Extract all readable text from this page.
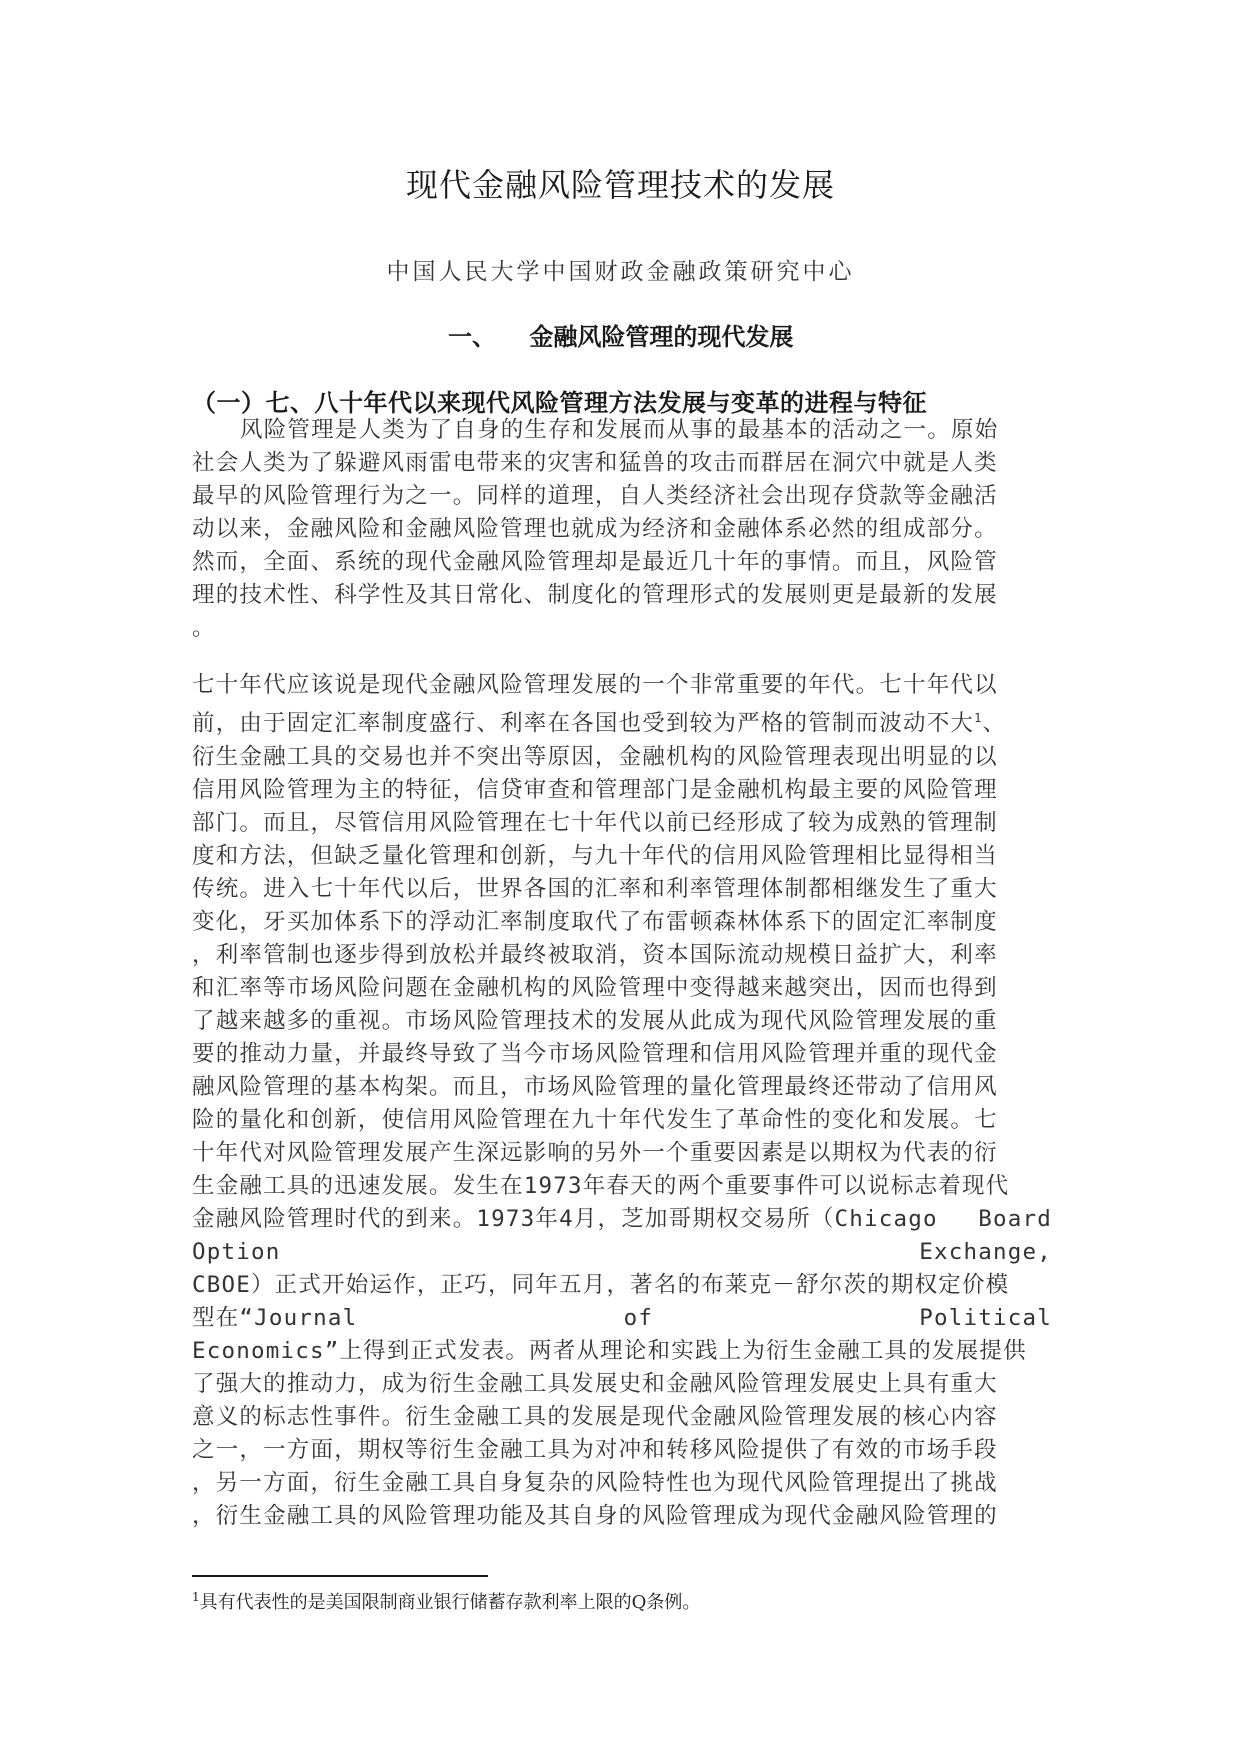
现代金融风险管理技术的发展
中国人民大学中国财政金融政策研究中心
一、    金融风险管理的现代发展
（一）七、八十年代以来现代风险管理方法发展与变革的进程与特征
风险管理是人类为了自身的生存和发展而从事的最基本的活动之一。原始
社会人类为了躲避风雨雷电带来的灾害和猛兽的攻击而群居在洞穴中就是人类
最早的风险管理行为之一。同样的道理，自人类经济社会出现存贷款等金融活
动以来，金融风险和金融风险管理也就成为经济和金融体系必然的组成部分。
然而，全面、系统的现代金融风险管理却是最近几十年的事情。而且，风险管
理的技术性、科学性及其日常化、制度化的管理形式的发展则更是最新的发展
。
七十年代应该说是现代金融风险管理发展的一个非常重要的年代。七十年代以
前，由于固定汇率制度盛行、利率在各国也受到较为严格的管制而波动不大$^1$、
衍生金融工具的交易也并不突出等原因，金融机构的风险管理表现出明显的以
信用风险管理为主的特征，信贷审查和管理部门是金融机构最主要的风险管理
部门。而且，尽管信用风险管理在七十年代以前已经形成了较为成熟的管理制
度和方法，但缺乏量化管理和创新，与九十年代的信用风险管理相比显得相当
传统。进入七十年代以后，世界各国的汇率和利率管理体制都相继发生了重大
变化，牙买加体系下的浮动汇率制度取代了布雷顿森林体系下的固定汇率制度
，利率管制也逐步得到放松并最终被取消，资本国际流动规模日益扩大，利率
和汇率等市场风险问题在金融机构的风险管理中变得越来越突出，因而也得到
了越来越多的重视。市场风险管理技术的发展从此成为现代风险管理发展的重
要的推动力量，并最终导致了当今市场风险管理和信用风险管理并重的现代金
融风险管理的基本构架。而且，市场风险管理的量化管理最终还带动了信用风
险的量化和创新，使信用风险管理在九十年代发生了革命性的变化和发展。七
十年代对风险管理发展产生深远影响的另外一个重要因素是以期权为代表的衍
生金融工具的迅速发展。发生在1973年春天的两个重要事件可以说标志着现代
金融风险管理时代的到来。1973年4月，芝加哥期权交易所（Chicago Board
Option	Exchange,
CBOE）正式开始运作，正巧，同年五月，著名的布莱克－舒尔茨的期权定价模
型在“Journal	of	Political
Economics”上得到正式发表。两者从理论和实践上为衍生金融工具的发展提供
了强大的推动力，成为衍生金融工具发展史和金融风险管理发展史上具有重大
意义的标志性事件。衍生金融工具的发展是现代金融风险管理发展的核心内容
之一，一方面，期权等衍生金融工具为对冲和转移风险提供了有效的市场手段
，另一方面，衍生金融工具自身复杂的风险特性也为现代风险管理提出了挑战
，衍生金融工具的风险管理功能及其自身的风险管理成为现代金融风险管理的
$^1$具有代表性的是美国限制商业银行储蓄存款利率上限的Q条例。
